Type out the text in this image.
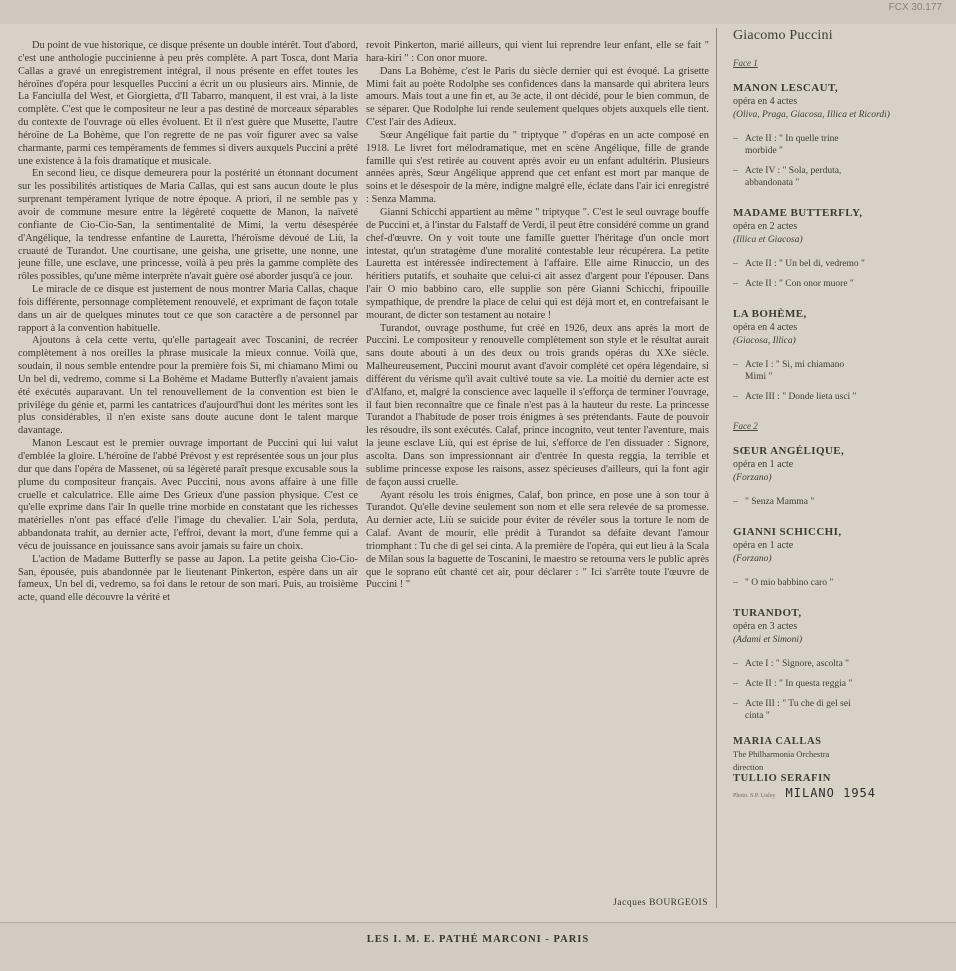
FCX 30.177

Du point de vue historique, ce disque présente un double intérêt. Tout d'abord, c'est une anthologie puccinienne à peu près complète. A part Tosca, dont Maria Callas a gravé un enregistrement intégral, il nous présente en effet toutes les héroïnes d'opéra pour lesquelles Puccini a écrit un ou plusieurs airs. Minnie, de La Fanciulla del West, et Giorgietta, d'Il Tabarro, manquent, il est vrai, à la liste complète. C'est que le compositeur ne leur a pas destiné de morceaux séparables du contexte de l'ouvrage où elles évoluent. Et il n'est guère que Musette, l'autre héroïne de La Bohème, que l'on regrette de ne pas voir figurer avec sa valse charmante, parmi ces tempéraments de femmes si divers auxquels Puccini a prêté une existence à la fois dramatique et musicale.

En second lieu, ce disque demeurera pour la postérité un étonnant document sur les possibilités artistiques de Maria Callas, qui est sans aucun doute le plus surprenant tempérament lyrique de notre époque. A priori, il ne semble pas y avoir de commune mesure entre la légèreté coquette de Manon, la naïveté confiante de Cio-Cio-San, la sentimentalité de Mimi, la vertu désespérée d'Angélique, la tendresse enfantine de Lauretta, l'héroïsme dévoué de Liù, la cruauté de Turandot. Une courtisane, une geisha, une grisette, une nonne, une jeune fille, une esclave, une princesse, voilà à peu près la gamme complète des rôles possibles, qu'une même interprète n'avait guère osé aborder jusqu'à ce jour.

Le miracle de ce disque est justement de nous montrer Maria Callas, chaque fois différente, personnage complètement renouvelé, et exprimant de façon totale dans un air de quelques minutes tout ce que son caractère a de personnel par rapport à la convention habituelle.

Ajoutons à cela cette vertu, qu'elle partageait avec Toscanini, de recréer complètement à nos oreilles la phrase musicale la mieux connue. Voilà que, soudain, il nous semble entendre pour la première fois Si, mi chiamano Mimi ou Un bel di, vedremo, comme si La Bohème et Madame Butterfly n'avaient jamais été exécutés auparavant. Un tel renouvellement de la convention est bien le privilège du génie et, parmi les cantatrices d'aujourd'hui dont les mérites sont les plus considérables, il n'en existe sans doute aucune dont le talent marque davantage.

Manon Lescaut est le premier ouvrage important de Puccini qui lui valut d'emblée la gloire. L'héroïne de l'abbé Prévost y est représentée sous un jour plus dur que dans l'opéra de Massenet, où sa légèreté paraît presque excusable sous la plume du compositeur français. Avec Puccini, nous avons affaire à une fille cruelle et calculatrice. Elle aime Des Grieux d'une passion physique. C'est ce qu'elle exprime dans l'air In quelle trine morbide en constatant que les richesses matérielles n'ont pas effacé d'elle l'image du chevalier. L'air Sola, perduta, abbandonata trahit, au dernier acte, l'effroi, devant la mort, d'une femme qui a vécu de jouissance en jouissance sans avoir jamais su faire un choix.

L'action de Madame Butterfly se passe au Japon. La petite geisha Cio-Cio-San, épousée, puis abandonnée par le lieutenant Pinkerton, espère dans un air fameux, Un bel di, vedremo, sa foi dans le retour de son mari. Puis, au troisième acte, quand elle découvre la vérité et

revoit Pinkerton, marié ailleurs, qui vient lui reprendre leur enfant, elle se fait " hara-kiri " : Con onor muore.

Dans La Bohème, c'est le Paris du siècle dernier qui est évoqué. La grisette Mimi fait au poète Rodolphe ses confidences dans la mansarde qui abritera leurs amours. Mais tout a une fin et, au 3e acte, il ont décidé, pour le bien commun, de se séparer. Que Rodolphe lui rende seulement quelques objets auxquels elle tient. C'est l'air des Adieux.

Sœur Angélique fait partie du " triptyque " d'opéras en un acte composé en 1918. Le livret fort mélodramatique, met en scène Angélique, fille de grande famille qui s'est retirée au couvent après avoir eu un enfant adultérin. Plusieurs années après, Sœur Angélique apprend que cet enfant est mort par manque de soins et le désespoir de la mère, indigne malgré elle, éclate dans l'air ici enregistré : Senza Mamma.

Gianni Schicchi appartient au même " triptyque ". C'est le seul ouvrage bouffe de Puccini et, à l'instar du Falstaff de Verdi, il peut être considéré comme un grand chef-d'œuvre. On y voit toute une famille guetter l'héritage d'un oncle mort intestat, qu'un stratagème d'une moralité contestable leur récupérera. La petite Lauretta est intéressée indirectement à l'affaire. Elle aime Rinuccio, un des héritiers putatifs, et souhaite que celui-ci ait assez d'argent pour l'épouser. Dans l'air O mio babbino caro, elle supplie son père Gianni Schicchi, fripouille sympathique, de prendre la place de celui qui est déjà mort et, en contrefaisant le mourant, de dicter son testament au notaire !

Turandot, ouvrage posthume, fut créé en 1926, deux ans après la mort de Puccini. Le compositeur y renouvelle complètement son style et le résultat aurait sans doute abouti à un des deux ou trois grands opéras du XXe siècle. Malheureusement, Puccini mourut avant d'avoir complété cet opéra légendaire, si différent du vérisme qu'il avait cultivé toute sa vie. La moitié du dernier acte est d'Alfano, et, malgré la conscience avec laquelle il s'efforça de terminer l'ouvrage, il faut bien reconnaître que ce finale n'est pas à la hauteur du reste. La princesse Turandot a l'habitude de poser trois énigmes à ses prétendants. Faute de pouvoir les résoudre, ils sont exécutés. Calaf, prince incognito, veut tenter l'aventure, mais la jeune esclave Liù, qui est éprise de lui, s'efforce de l'en dissuader : Signore, ascolta. Dans son impressionnant air d'entrée In questa reggia, la terrible et sublime princesse expose les raisons, assez spécieuses d'ailleurs, qui la font agir de façon aussi cruelle.

Ayant résolu les trois énigmes, Calaf, bon prince, en pose une à son tour à Turandot. Qu'elle devine seulement son nom et elle sera relevée de sa promesse. Au dernier acte, Liù se suicide pour éviter de révéler sous la torture le nom de Calaf. Avant de mourir, elle prédit à Turandot sa défaite devant l'amour triomphant : Tu che di gel sei cinta. A la première de l'opéra, qui eut lieu à la Scala de Milan sous la baguette de Toscanini, le maestro se retourna vers le public après que le soprano eût chanté cet air, pour déclarer : " Ici s'arrête toute l'œuvre de Puccini ! "

Jacques BOURGEOIS
Giacomo Puccini
Face 1
MANON LESCAUT,
opéra en 4 actes
(Oliva, Praga, Giacosa, Illica et Ricordi)
– Acte II : " In quelle trine
morbide "
– Acte IV : " Sola, perduta,
abbandonata "
MADAME BUTTERFLY,
opéra en 2 actes
(Illica et Giacosa)
– Acte II : " Un bel di, vedremo "
– Acte II : " Con onor muore "
LA BOHÈME,
opéra en 4 actes
(Giacosa, Illica)
– Acte I : " Si, mi chiamano
Mimi "
– Acte III : " Donde lieta usci "
Face 2
SŒUR ANGÉLIQUE,
opéra en 1 acte
(Forzano)
– " Senza Mamma "
GIANNI SCHICCHI,
opéra en 1 acte
(Forzano)
– " O mio babbino caro "
TURANDOT,
opéra en 3 actes
(Adami et Simoni)
– Acte I : " Signore, ascolta "
– Acte II : " In questa reggia "
– Acte III : " Tu che di gel sei
cinta "
MARIA CALLAS
The Philharmonia Orchestra
direction
TULLIO SERAFIN
Photo. S.P. Lisley MILANO 1954
LES I. M. E. PATHÉ MARCONI - PARIS
